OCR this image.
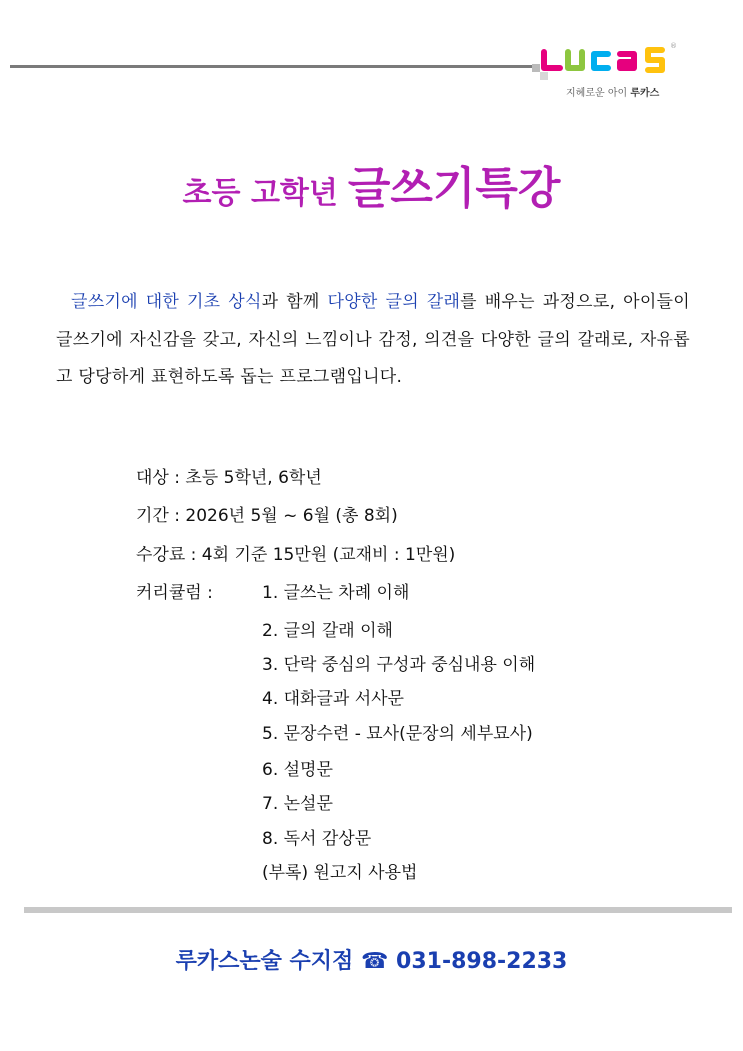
®
지혜로운 아이 루카스
초등 고학년 글쓰기특강
글쓰기에 대한 기초 상식과 함께 다양한 글의 갈래를 배우는 과정으로, 아이들이 글쓰기에 자신감을 갖고, 자신의 느낌이나 감정, 의견을 다양한 글의 갈래로, 자유롭고 당당하게 표현하도록 돕는 프로그램입니다.
대상 : 초등 5학년, 6학년
기간 : 2026년 5월 ~ 6월 (총 8회)
수강료 : 4회 기준 15만원 (교재비 : 1만원)
커리큘럼 :	1. 글쓰는 차례 이해
2. 글의 갈래 이해
3. 단락 중심의 구성과 중심내용 이해
4. 대화글과 서사문
5. 문장수련 - 묘사(문장의 세부묘사)
6. 설명문
7. 논설문
8. 독서 감상문
(부록) 원고지 사용법
루카스논술 수지점 ☎ 031-898-2233
